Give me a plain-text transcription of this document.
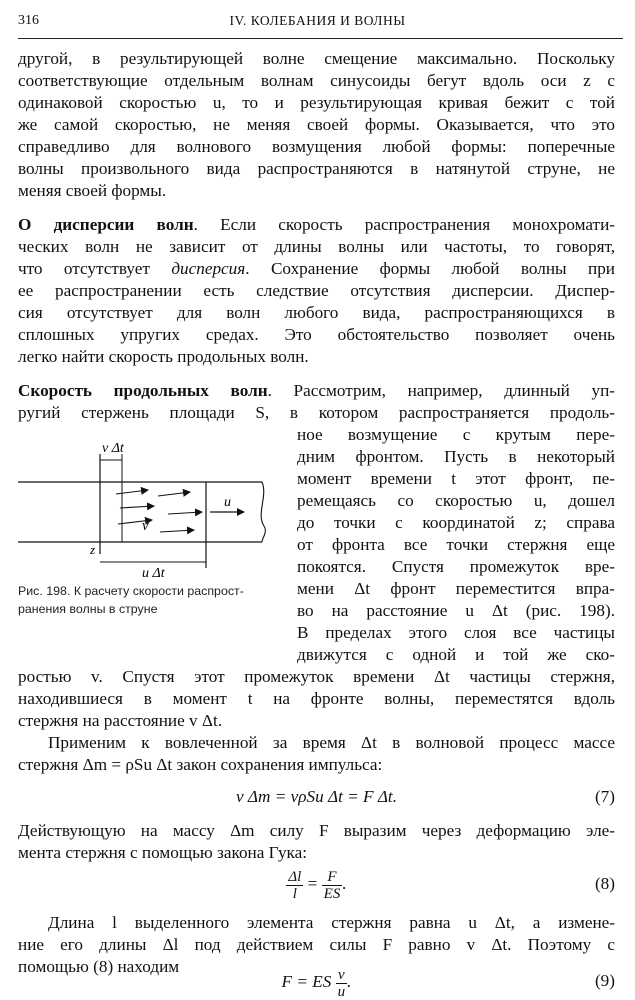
316	IV. КОЛЕБАНИЯ И ВОЛНЫ
другой, в результирующей волне смещение максимально. Поскольку
соответствующие отдельным волнам синусоиды бегут вдоль оси z с
одинаковой скоростью u, то и результирующая кривая бежит с той
же самой скоростью, не меняя своей формы. Оказывается, что это
справедливо для волнового возмущения любой формы: поперечные
волны произвольного вида распространяются в натянутой струне, не
меняя своей формы.
О дисперсии волн. Если скорость распространения монохромати-
ческих волн не зависит от длины волны или частоты, то говорят,
что отсутствует дисперсия. Сохранение формы любой волны при
ее распространении есть следствие отсутствия дисперсии. Диспер-
сия отсутствует для волн любого вида, распространяющихся в
сплошных упругих средах. Это обстоятельство позволяет очень
легко найти скорость продольных волн.
Скорость продольных волн. Рассмотрим, например, длинный уп-
ругий стержень площади S, в котором распространяется продоль-
ное возмущение с крутым пере-
дним фронтом. Пусть в некоторый
момент времени t этот фронт, пе-
ремещаясь со скоростью u, дошел
до точки с координатой z; справа
от фронта все точки стержня еще
покоятся. Спустя промежуток вре-
мени Δt фронт переместится впра-
во на расстояние u Δt (рис. 198).
В пределах этого слоя все частицы
движутся с одной и той же ско-
ростью v. Спустя этот промежуток времени Δt частицы стержня,
находившиеся в момент t на фронте волны, переместятся вдоль
стержня на расстояние v Δt.
v Δt
u Δt
z
v
u
Рис. 198. К расчету скорости распрост-
ранения волны в струне
Применим к вовлеченной за время Δt в волновой процесс массе
стержня Δm = ρSu Δt закон сохранения импульса:
v Δm = vρSu Δt = F Δt.	(7)
Действующую на массу Δm силу F выразим через деформацию эле-
мента стержня с помощью закона Гука:
$\frac{\Delta l}{l} = \frac{F}{ES}$ .	(8)
Длина l выделенного элемента стержня равна u Δt, а измене-
ние его длины Δl под действием силы F равно v Δt. Поэтому с
помощью (8) находим
F = ES $\frac{v}{u}$ .	(9)
